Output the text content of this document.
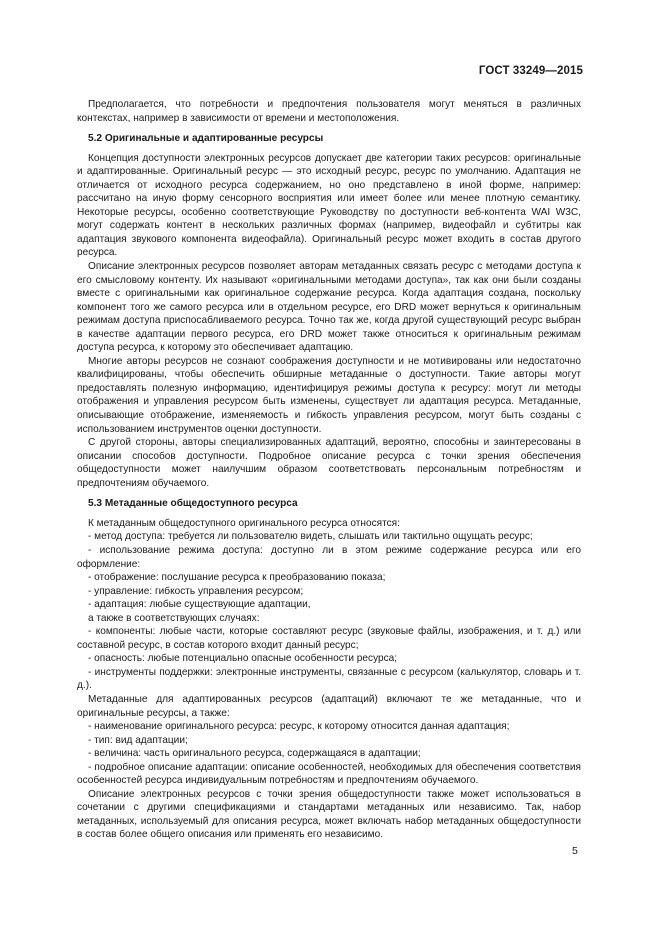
ГОСТ 33249—2015

Предполагается, что потребности и предпочтения пользователя могут меняться в различных контекстах, например в зависимости от времени и местоположения.

5.2 Оригинальные и адаптированные ресурсы

Концепция доступности электронных ресурсов допускает две категории таких ресурсов: оригинальные и адаптированные. Оригинальный ресурс — это исходный ресурс, ресурс по умолчанию. Адаптация не отличается от исходного ресурса содержанием, но оно представлено в иной форме, например: рассчитано на иную форму сенсорного восприятия или имеет более или менее плотную семантику. Некоторые ресурсы, особенно соответствующие Руководству по доступности веб-контента WAI W3C, могут содержать контент в нескольких различных формах (например, видеофайл и субтитры как адаптация звукового компонента видеофайла). Оригинальный ресурс может входить в состав другого ресурса.

Описание электронных ресурсов позволяет авторам метаданных связать ресурс с методами доступа к его смысловому контенту. Их называют «оригинальными методами доступа», так как они были созданы вместе с оригинальными как оригинальное содержание ресурса. Когда адаптация создана, поскольку компонент того же самого ресурса или в отдельном ресурсе, его DRD может вернуться к оригинальным режимам доступа приспосабливаемого ресурса. Точно так же, когда другой существующий ресурс выбран в качестве адаптации первого ресурса, его DRD может также относиться к оригинальным режимам доступа ресурса, к которому это обеспечивает адаптацию.

Многие авторы ресурсов не сознают соображения доступности и не мотивированы или недостаточно квалифицированы, чтобы обеспечить обширные метаданные о доступности. Такие авторы могут предоставлять полезную информацию, идентифицируя режимы доступа к ресурсу: могут ли методы отображения и управления ресурсом быть изменены, существует ли адаптация ресурса. Метаданные, описывающие отображение, изменяемость и гибкость управления ресурсом, могут быть созданы с использованием инструментов оценки доступности.

С другой стороны, авторы специализированных адаптаций, вероятно, способны и заинтересованы в описании способов доступности. Подробное описание ресурса с точки зрения обеспечения общедоступности может наилучшим образом соответствовать персональным потребностям и предпочтениям обучаемого.

5.3 Метаданные общедоступного ресурса

К метаданным общедоступного оригинального ресурса относятся:

- метод доступа: требуется ли пользователю видеть, слышать или тактильно ощущать ресурс;

- использование режима доступа: доступно ли в этом режиме содержание ресурса или его оформление:

- отображение: послушание ресурса к преобразованию показа;

- управление: гибкость управления ресурсом;

- адаптация: любые существующие адаптации,

а также в соответствующих случаях:

- компоненты: любые части, которые составляют ресурс (звуковые файлы, изображения, и т. д.) или составной ресурс, в состав которого входит данный ресурс;

- опасность: любые потенциально опасные особенности ресурса;

- инструменты поддержки: электронные инструменты, связанные с ресурсом (калькулятор, словарь и т. д.).

Метаданные для адаптированных ресурсов (адаптаций) включают те же метаданные, что и оригинальные ресурсы, а также:

- наименование оригинального ресурса: ресурс, к которому относится данная адаптация;

- тип: вид адаптации;

- величина: часть оригинального ресурса, содержащаяся в адаптации;

- подробное описание адаптации: описание особенностей, необходимых для обеспечения соответствия особенностей ресурса индивидуальным потребностям и предпочтениям обучаемого.

Описание электронных ресурсов с точки зрения общедоступности также может использоваться в сочетании с другими спецификациями и стандартами метаданных или независимо. Так, набор метаданных, используемый для описания ресурса, может включать набор метаданных общедоступности в состав более общего описания или применять его независимо.

5
